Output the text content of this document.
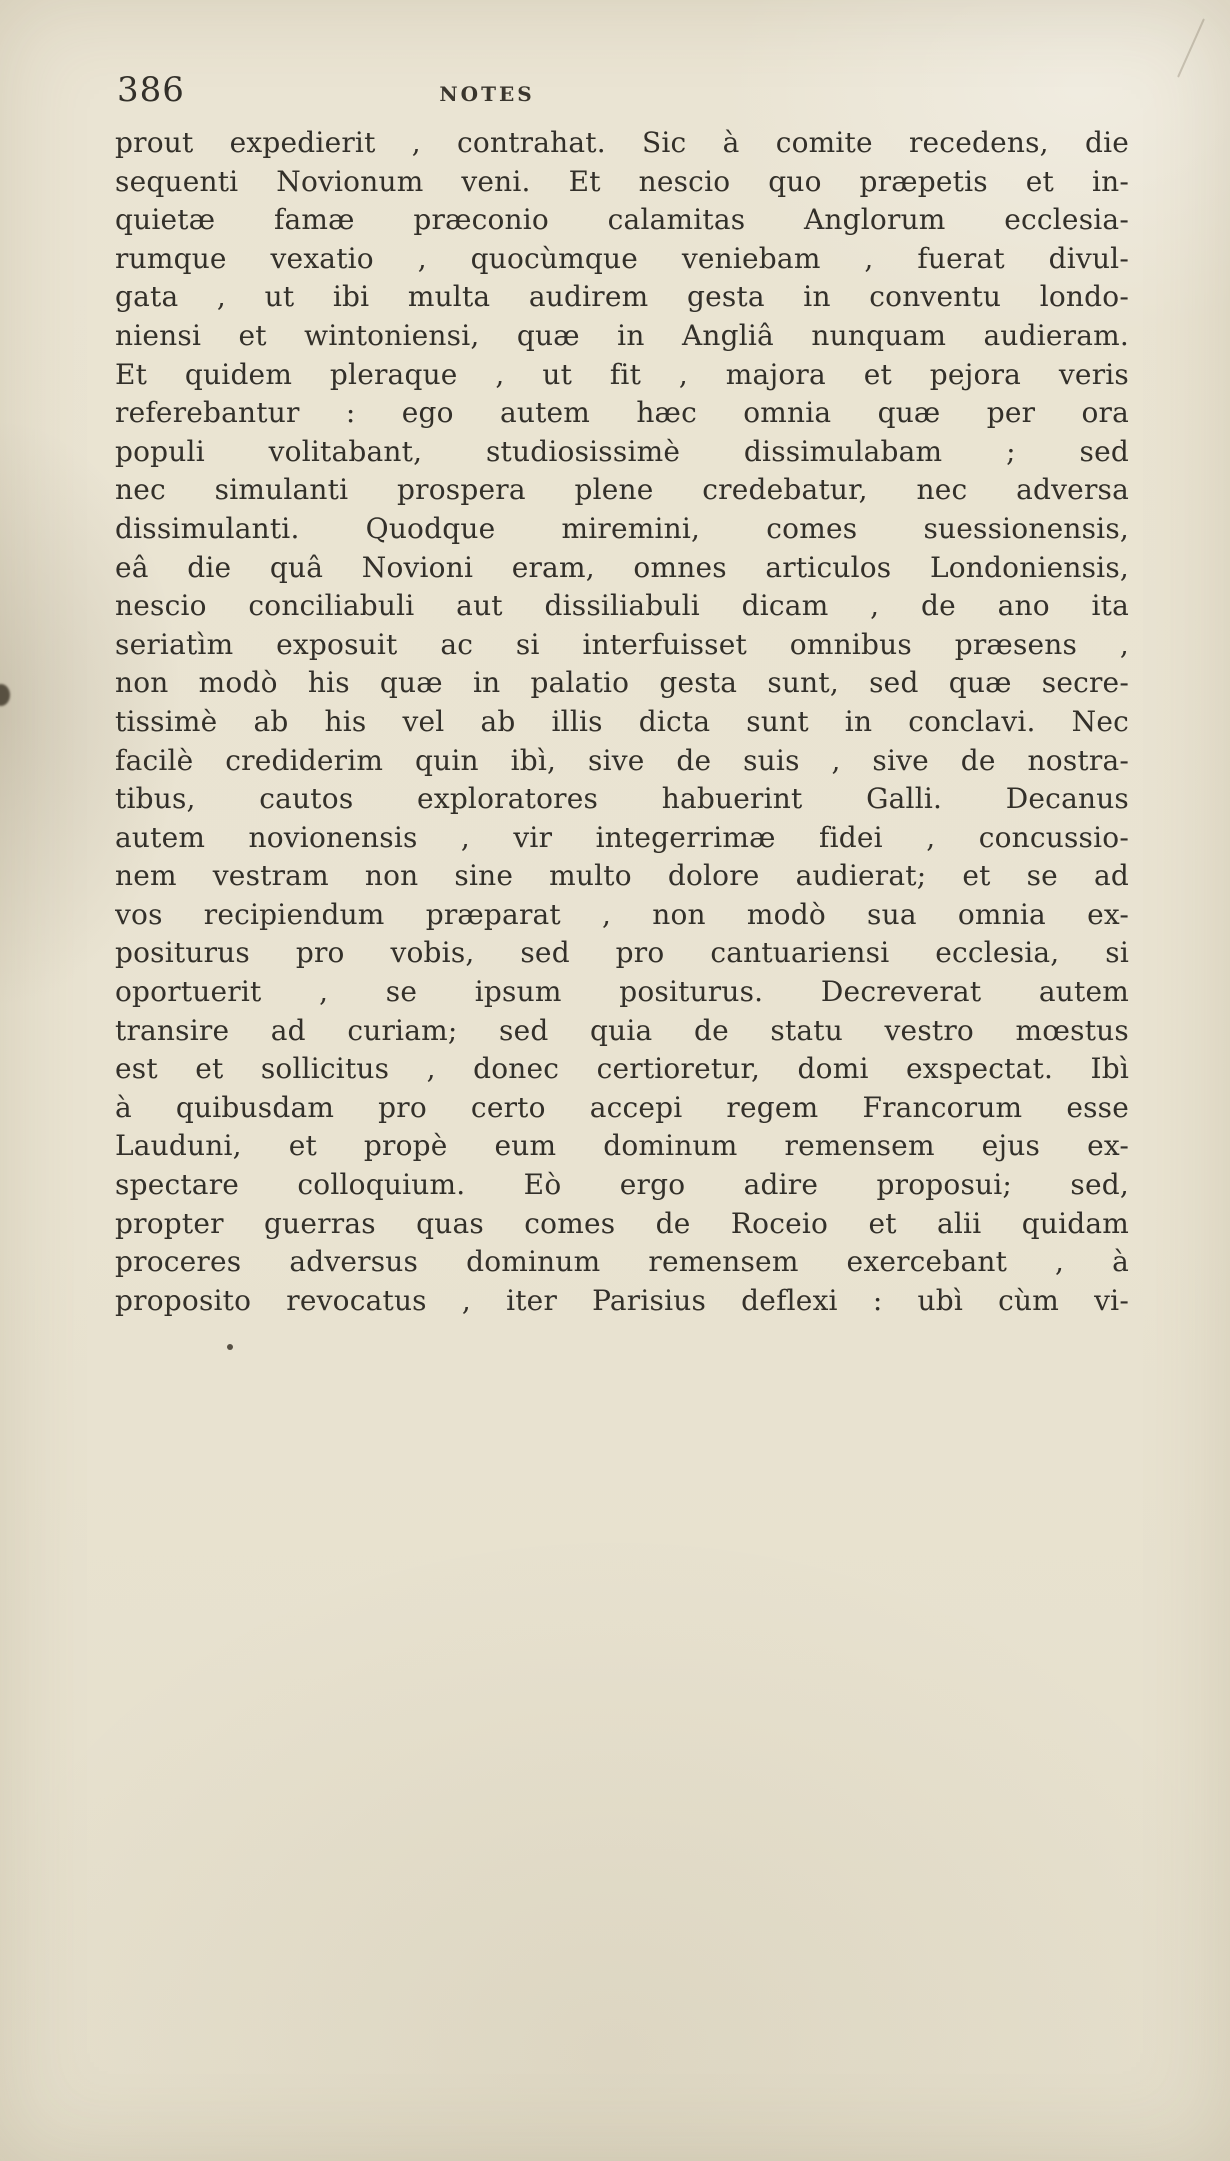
386	NOTES
prout expedierit , contrahat. Sic à comite recedens, die
sequenti Novionum veni. Et nescio quo præpetis et in-
quietæ famæ præconio calamitas Anglorum ecclesia-
rumque vexatio , quocùmque veniebam , fuerat divul-
gata , ut ibi multa audirem gesta in conventu londo-
niensi et wintoniensi, quæ in Angliâ nunquam audieram.
Et quidem pleraque , ut fit , majora et pejora veris
referebantur : ego autem hæc omnia quæ per ora
populi volitabant, studiosissimè dissimulabam ; sed
nec simulanti prospera plene credebatur, nec adversa
dissimulanti. Quodque miremini, comes suessionensis,
eâ die quâ Novioni eram, omnes articulos Londoniensis,
nescio conciliabuli aut dissiliabuli dicam , de ano ita
seriatìm exposuit ac si interfuisset omnibus præsens ,
non modò his quæ in palatio gesta sunt, sed quæ secre-
tissimè ab his vel ab illis dicta sunt in conclavi. Nec
facilè crediderim quin ibì, sive de suis , sive de nostra-
tibus, cautos exploratores habuerint Galli. Decanus
autem novionensis , vir integerrimæ fidei , concussio-
nem vestram non sine multo dolore audierat; et se ad
vos recipiendum præparat , non modò sua omnia ex-
positurus pro vobis, sed pro cantuariensi ecclesia, si
oportuerit , se ipsum positurus. Decreverat autem
transire ad curiam; sed quia de statu vestro mœstus
est et sollicitus , donec certioretur, domi exspectat. Ibì
à quibusdam pro certo accepi regem Francorum esse
Lauduni, et propè eum dominum remensem ejus ex-
spectare colloquium. Eò ergo adire proposui; sed,
propter guerras quas comes de Roceio et alii quidam
proceres adversus dominum remensem exercebant , à
proposito revocatus , iter Parisius deflexi : ubì cùm vi-
